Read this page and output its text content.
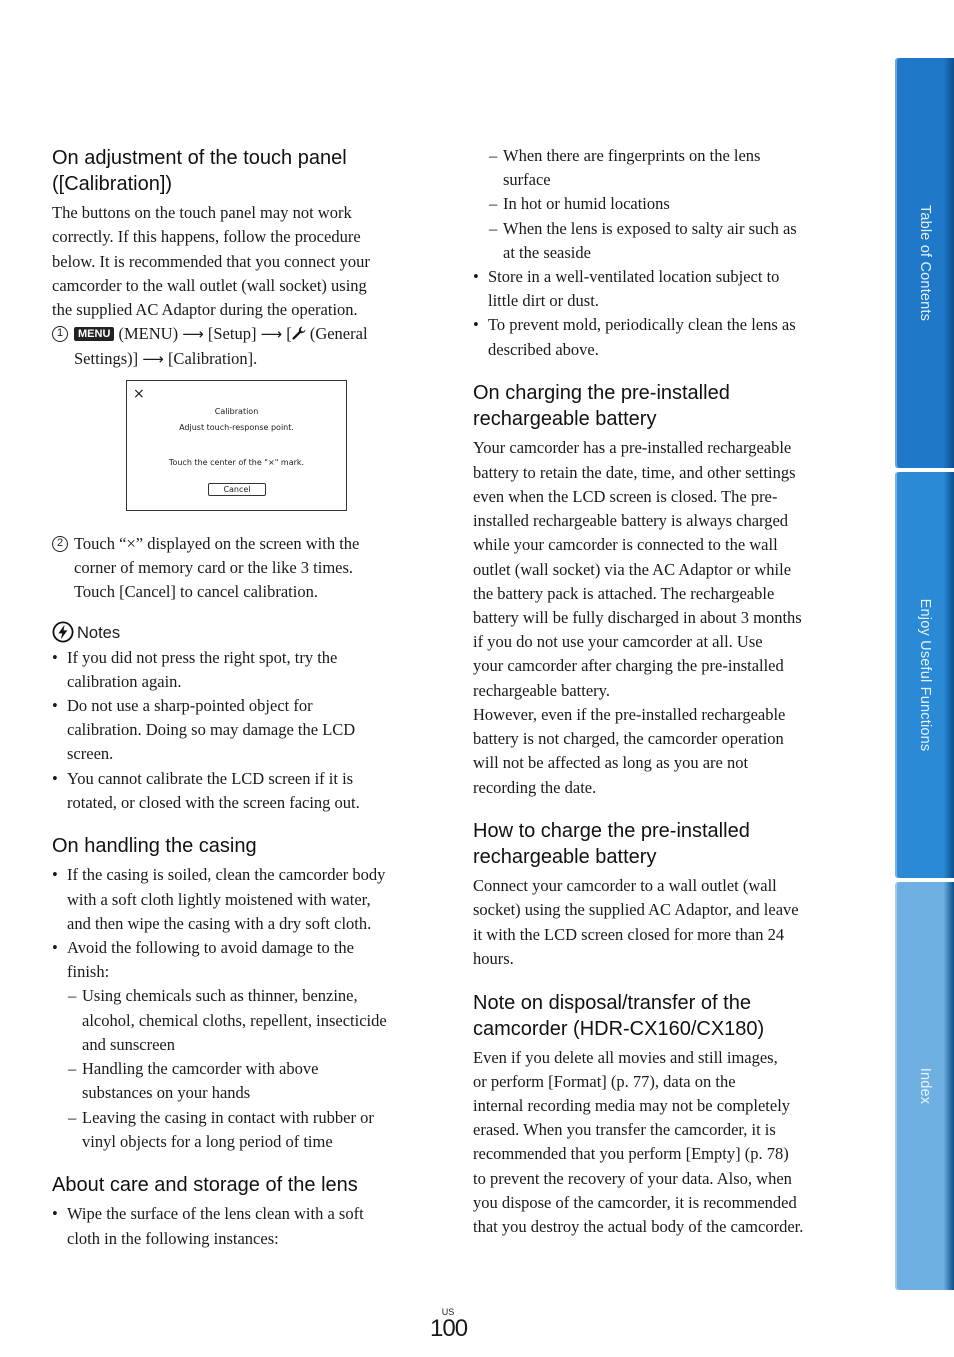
On adjustment of the touch panel
([Calibration])
The buttons on the touch panel may not work
correctly. If this happens, follow the procedure
below. It is recommended that you connect your
camcorder to the wall outlet (wall socket) using
the supplied AC Adaptor during the operation.
1	MENU (MENU) ⟶ [Setup] ⟶ [ (General
Settings)] ⟶ [Calibration].
×
Calibration
Adjust touch-response point.
Touch the center of the "×" mark.
Cancel
2 Touch “×” displayed on the screen with the
corner of memory card or the like 3 times.
Touch [Cancel] to cancel calibration.
Notes
• If you did not press the right spot, try the
calibration again.
• Do not use a sharp-pointed object for
calibration. Doing so may damage the LCD
screen.
• You cannot calibrate the LCD screen if it is
rotated, or closed with the screen facing out.
On handling the casing
• If the casing is soiled, clean the camcorder body
with a soft cloth lightly moistened with water,
and then wipe the casing with a dry soft cloth.
• Avoid the following to avoid damage to the
finish:
– Using chemicals such as thinner, benzine,
alcohol, chemical cloths, repellent, insecticide
and sunscreen
– Handling the camcorder with above
substances on your hands
– Leaving the casing in contact with rubber or
vinyl objects for a long period of time
About care and storage of the lens
• Wipe the surface of the lens clean with a soft
cloth in the following instances:
– When there are fingerprints on the lens
surface
– In hot or humid locations
– When the lens is exposed to salty air such as
at the seaside
• Store in a well-ventilated location subject to
little dirt or dust.
• To prevent mold, periodically clean the lens as
described above.
On charging the pre-installed
rechargeable battery
Your camcorder has a pre-installed rechargeable
battery to retain the date, time, and other settings
even when the LCD screen is closed. The pre-
installed rechargeable battery is always charged
while your camcorder is connected to the wall
outlet (wall socket) via the AC Adaptor or while
the battery pack is attached. The rechargeable
battery will be fully discharged in about 3 months
if you do not use your camcorder at all. Use
your camcorder after charging the pre-installed
rechargeable battery.
However, even if the pre-installed rechargeable
battery is not charged, the camcorder operation
will not be affected as long as you are not
recording the date.
How to charge the pre-installed
rechargeable battery
Connect your camcorder to a wall outlet (wall
socket) using the supplied AC Adaptor, and leave
it with the LCD screen closed for more than 24
hours.
Note on disposal/transfer of the
camcorder (HDR-CX160/CX180)
Even if you delete all movies and still images,
or perform [Format] (p. 77), data on the
internal recording media may not be completely
erased. When you transfer the camcorder, it is
recommended that you perform [Empty] (p. 78)
to prevent the recovery of your data. Also, when
you dispose of the camcorder, it is recommended
that you destroy the actual body of the camcorder.
Table of Contents
Enjoy Useful Functions
Index
US
100
